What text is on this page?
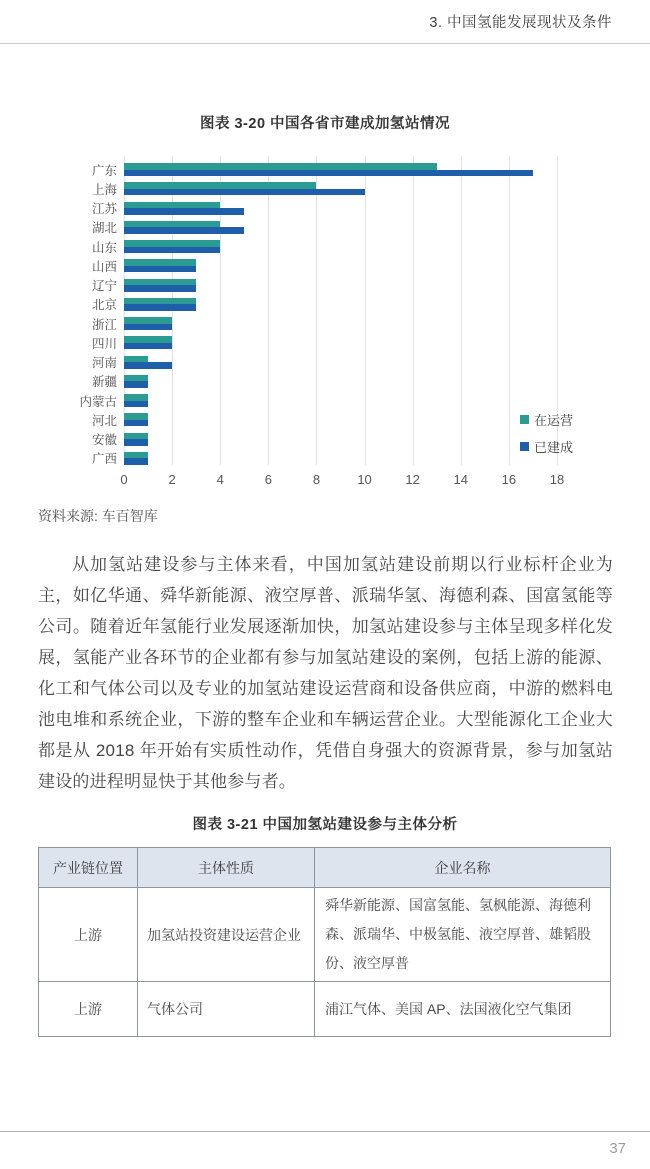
3. 中国氢能发展现状及条件
图表 3-20 中国各省市建成加氢站情况
广东
上海
江苏
湖北
山东
山西
辽宁
北京
浙江
四川
河南
新疆
内蒙古
河北
安徽
广西
在运营
已建成
0	2	4	6	8	10	12	14	16	18
资料来源: 车百智库

从加氢站建设参与主体来看，中国加氢站建设前期以行业标杆企业为主，如亿华通、舜华新能源、液空厚普、派瑞华氢、海德利森、国富氢能等公司。随着近年氢能行业发展逐渐加快，加氢站建设参与主体呈现多样化发展，氢能产业各环节的企业都有参与加氢站建设的案例，包括上游的能源、化工和气体公司以及专业的加氢站建设运营商和设备供应商，中游的燃料电池电堆和系统企业，下游的整车企业和车辆运营企业。大型能源化工企业大都是从 2018 年开始有实质性动作，凭借自身强大的资源背景，参与加氢站建设的进程明显快于其他参与者。

图表 3-21 中国加氢站建设参与主体分析
产业链位置	主体性质	企业名称
上游	加氢站投资建设运营企业	舜华新能源、国富氢能、氢枫能源、海德利森、派瑞华、中极氢能、液空厚普、雄韬股份、液空厚普
上游	气体公司	浦江气体、美国 AP、法国液化空气集团
37
